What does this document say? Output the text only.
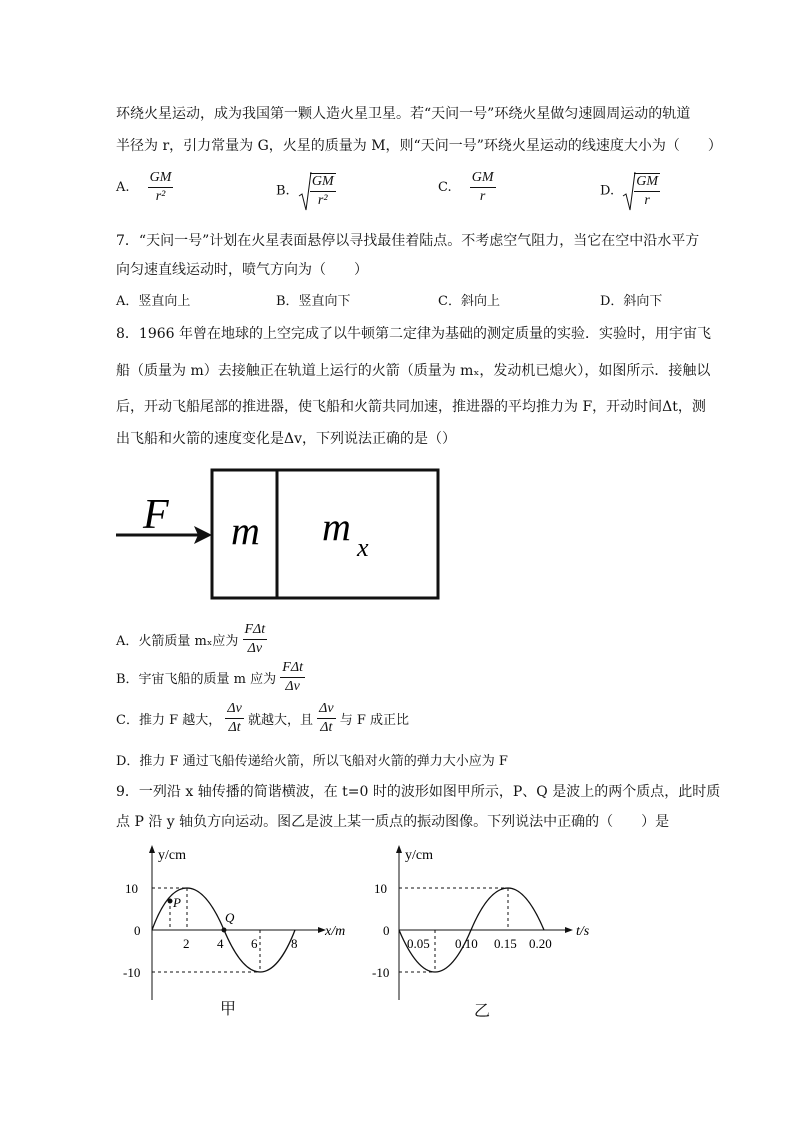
环绕火星运动，成为我国第一颗人造火星卫星。若“天问一号”环绕火星做匀速圆周运动的轨道
半径为 r，引力常量为 G，火星的质量为 M，则“天问一号”环绕火星运动的线速度大小为（　　）
A. $\frac{GM}{\text{r²}}$	B. $\frac{GM}{\text{r²}}$	C. $\frac{GM}{r}$	D. $\frac{GM}{r}$
7．“天问一号”计划在火星表面悬停以寻找最佳着陆点。不考虑空气阻力，当它在空中沿水平方
向匀速直线运动时，喷气方向为（　　）
A．竖直向上	B．竖直向下	C．斜向上	D．斜向下
8．1966 年曾在地球的上空完成了以牛顿第二定律为基础的测定质量的实验．实验时，用宇宙飞
船（质量为 m）去接触正在轨道上运行的火箭（质量为 mₓ，发动机已熄火），如图所示．接触以
后，开动飞船尾部的推进器，使飞船和火箭共同加速，推进器的平均推力为 F，开动时间Δt，测
出飞船和火箭的速度变化是Δv，下列说法正确的是（）
F m m x
A．火箭质量 mₓ应为 $\frac{\text{FΔt}}{\Delta v}$
B．宇宙飞船的质量 m 应为 $\frac{\text{FΔt}}{\Delta v}$
C．推力 F 越大， $\frac{\Delta v}{\Delta t}$ 就越大，且 $\frac{\Delta v}{\Delta t}$ 与 F 成正比
D．推力 F 通过飞船传递给火箭，所以飞船对火箭的弹力大小应为 F
9．一列沿 x 轴传播的简谐横波，在 t=0 时的波形如图甲所示，P、Q 是波上的两个质点，此时质
点 P 沿 y 轴负方向运动。图乙是波上某一质点的振动图像。下列说法中正确的（　　）是
y/cm
x/m
10
0
-10
P
Q
2 4 6	8
甲
y/cm
t/s
10
0
-10
0.05 0.10 0.15 0.20
乙
